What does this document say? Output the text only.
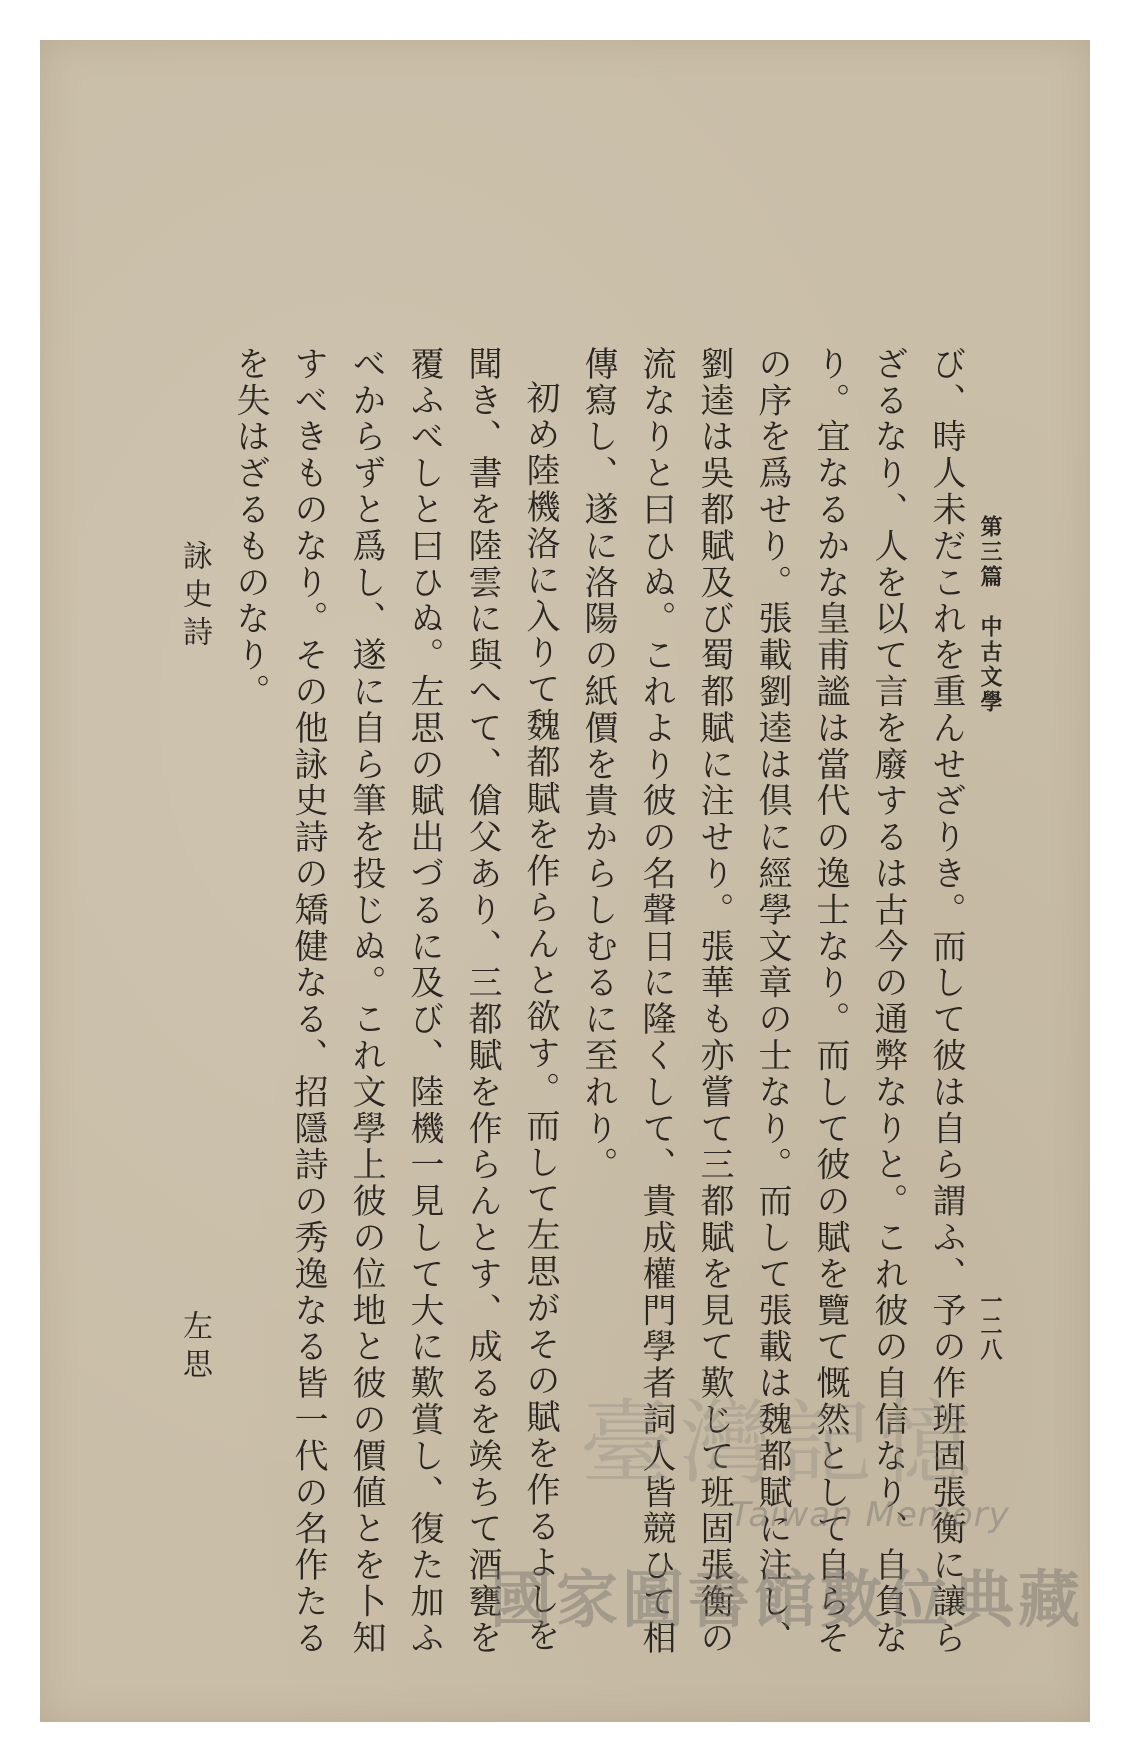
第三篇　中古文學
一二八

び、時人未だこれを重んせざりき。而して彼は自ら謂ふ、予の作班固張衡に讓らざるなり、人を以て言を廢するは古今の通弊なりと。これ彼の自信なり、自負なり。宜なるかな皇甫謐は當代の逸士なり。而して彼の賦を覽て慨然として自らその序を爲せり。張載劉逵は倶に經學文章の士なり。而して張載は魏都賦に注し、劉逵は吳都賦及び蜀都賦に注せり。張華も亦嘗て三都賦を見て歎じて班固張衡の流なりと曰ひぬ。これより彼の名聲日に隆くして、貴成權門學者詞人皆競ひて相傳寫し、遂に洛陽の紙價を貴からしむるに至れり。

初め陸機洛に入りて魏都賦を作らんと欲す。而して左思がその賦を作るよしを聞き、書を陸雲に與へて、傖父あり、三都賦を作らんとす、成るを竢ちて酒甕を覆ふべしと曰ひぬ。左思の賦出づるに及び、陸機一見して大に歎賞し、復た加ふべからずと爲し、遂に自ら筆を投じぬ。これ文學上彼の位地と彼の價値とを卜知すべきものなり。その他詠史詩の矯健なる、招隱詩の秀逸なる皆一代の名作たるを失はざるものなり。

詠史詩
左思
臺灣記憶
Taiwan Memory
國家圖書館數位典藏
